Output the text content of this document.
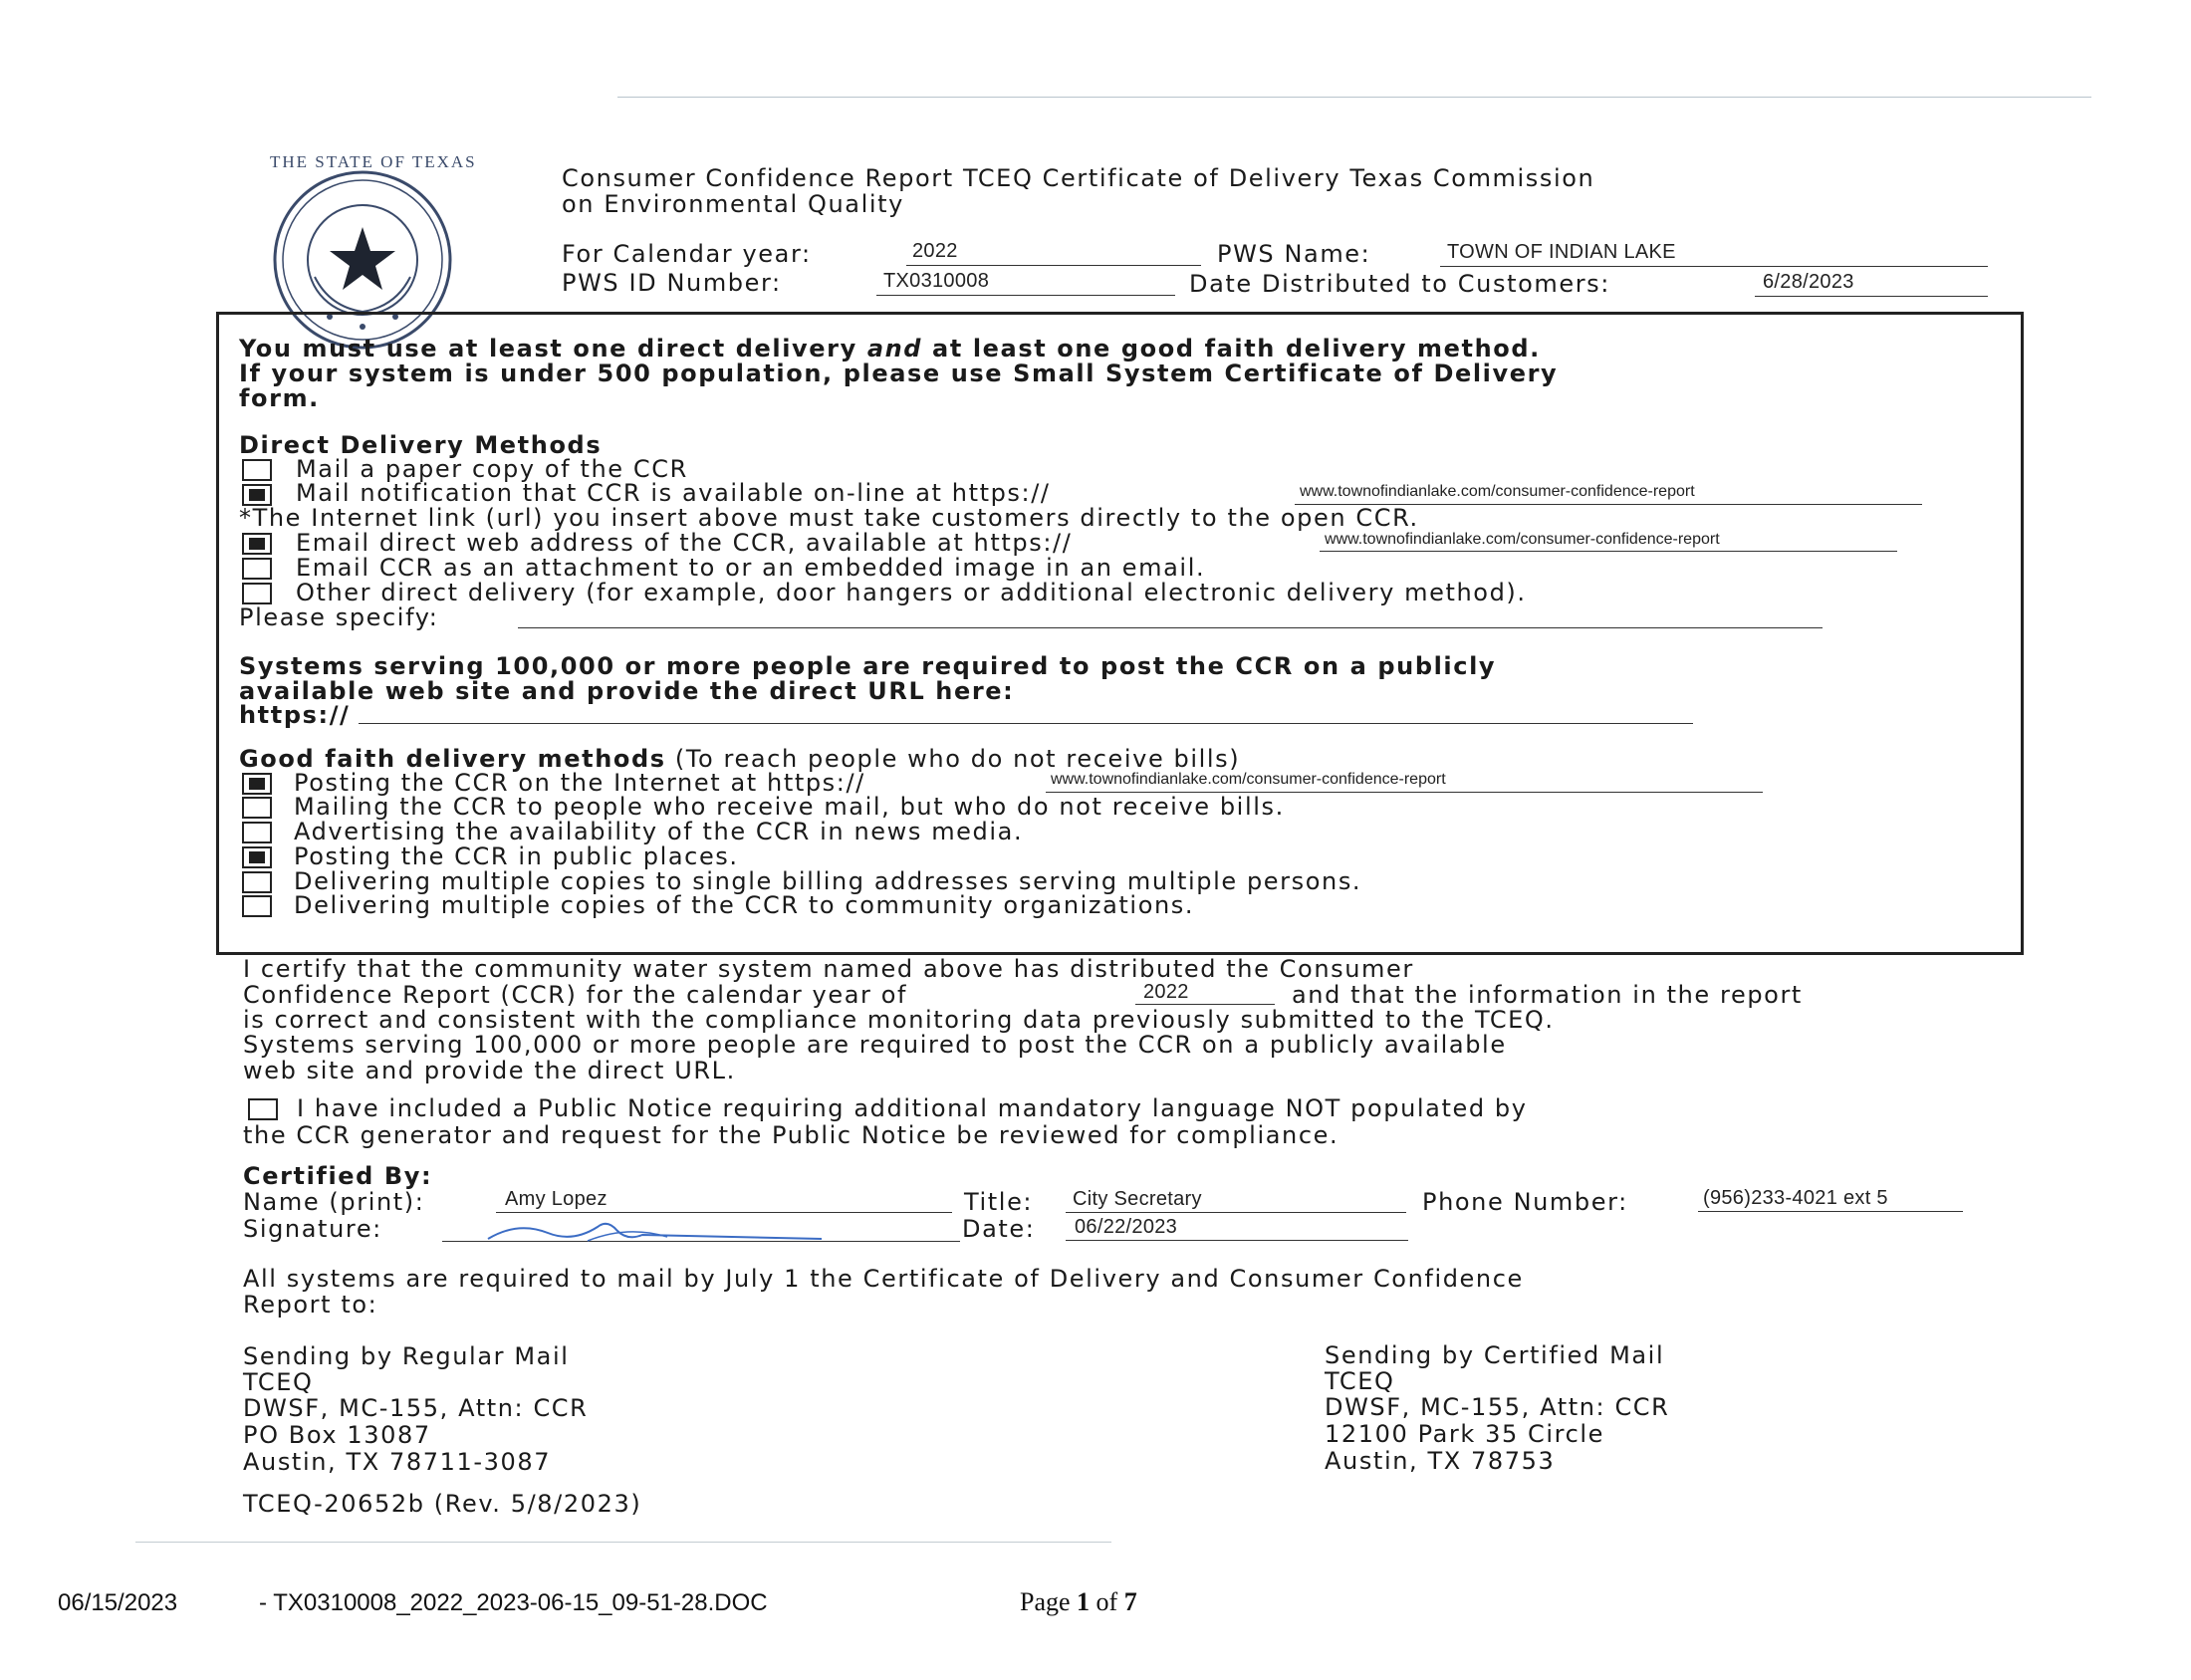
THE STATE OF TEXAS
Consumer Confidence Report TCEQ Certificate of Delivery Texas Commission
on Environmental Quality
For Calendar year:	2022	PWS Name:	TOWN OF INDIAN LAKE
PWS ID Number:	TX0310008	Date Distributed to Customers:	6/28/2023
You must use at least one direct delivery and at least one good faith delivery method.
If your system is under 500 population, please use Small System Certificate of Delivery
form.
Direct Delivery Methods
Mail a paper copy of the CCR
Mail notification that CCR is available on-line at https://	www.townofindianlake.com/consumer-confidence-report
*The Internet link (url) you insert above must take customers directly to the open CCR.
Email direct web address of the CCR, available at https://	www.townofindianlake.com/consumer-confidence-report
Email CCR as an attachment to or an embedded image in an email.
Other direct delivery (for example, door hangers or additional electronic delivery method).
Please specify:
Systems serving 100,000 or more people are required to post the CCR on a publicly
available web site and provide the direct URL here:
https://
Good faith delivery methods (To reach people who do not receive bills)
Posting the CCR on the Internet at https://	www.townofindianlake.com/consumer-confidence-report
Mailing the CCR to people who receive mail, but who do not receive bills.
Advertising the availability of the CCR in news media.
Posting the CCR in public places.
Delivering multiple copies to single billing addresses serving multiple persons.
Delivering multiple copies of the CCR to community organizations.
I certify that the community water system named above has distributed the Consumer
Confidence Report (CCR) for the calendar year of	2022	and that the information in the report
is correct and consistent with the compliance monitoring data previously submitted to the TCEQ.
Systems serving 100,000 or more people are required to post the CCR on a publicly available
web site and provide the direct URL.
I have included a Public Notice requiring additional mandatory language NOT populated by
the CCR generator and request for the Public Notice be reviewed for compliance.
Certified By:
Name (print):	Amy Lopez	Title: City Secretary	Phone Number:	(956)233-4021 ext 5
Signature:	Date: 06/22/2023
All systems are required to mail by July 1 the Certificate of Delivery and Consumer Confidence
Report to:
Sending by Regular Mail
TCEQ
DWSF, MC-155, Attn: CCR
PO Box 13087
Austin, TX 78711-3087
Sending by Certified Mail
TCEQ
DWSF, MC-155, Attn: CCR
12100 Park 35 Circle
Austin, TX 78753
TCEQ-20652b (Rev. 5/8/2023)
06/15/2023	- TX0310008_2022_2023-06-15_09-51-28.DOC	Page 1 of 7
